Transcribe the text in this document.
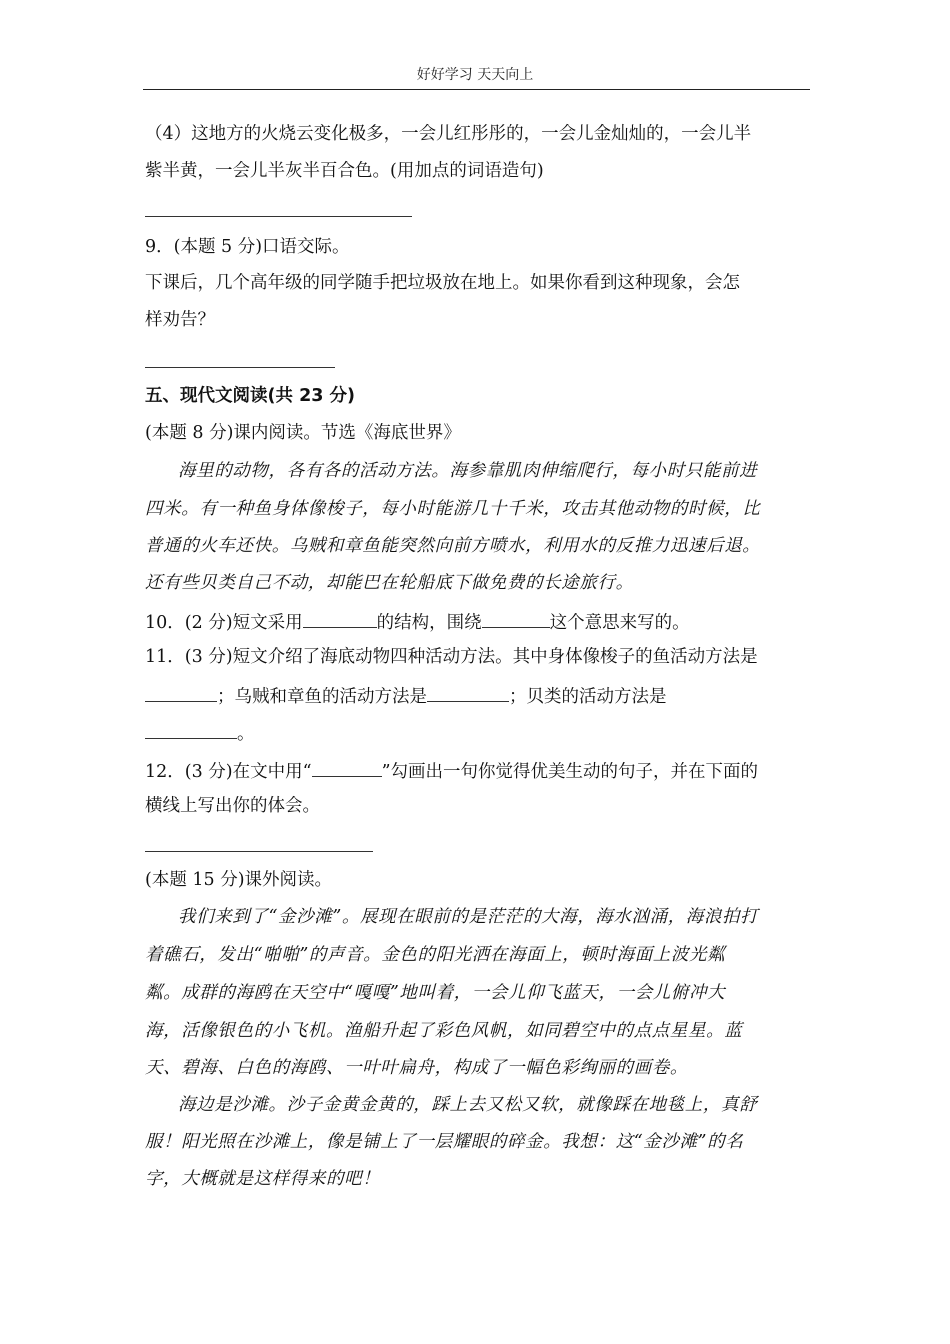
好好学习 天天向上
（4）这地方的火烧云变化极多，一会儿红彤彤的，一会儿金灿灿的，一会儿半
紫半黄，一会儿半灰半百合色。(用加点的词语造句)
9．(本题 5 分)口语交际。
下课后，几个高年级的同学随手把垃圾放在地上。如果你看到这种现象，会怎
样劝告？
五、现代文阅读(共 23 分)
(本题 8 分)课内阅读。节选《海底世界》
海里的动物，各有各的活动方法。海参靠肌肉伸缩爬行，每小时只能前进
四米。有一种鱼身体像梭子，每小时能游几十千米，攻击其他动物的时候，比
普通的火车还快。乌贼和章鱼能突然向前方喷水，利用水的反推力迅速后退。
还有些贝类自己不动，却能巴在轮船底下做免费的长途旅行。
10．(2 分)短文采用	的结构，围绕	这个意思来写的。
11．(3 分)短文介绍了海底动物四种活动方法。其中身体像梭子的鱼活动方法是
；乌贼和章鱼的活动方法是	；贝类的活动方法是
。
12．(3 分)在文中用“	”勾画出一句你觉得优美生动的句子，并在下面的
横线上写出你的体会。
(本题 15 分)课外阅读。
我们来到了“金沙滩”。展现在眼前的是茫茫的大海，海水汹涌，海浪拍打
着礁石，发出“啪啪”的声音。金色的阳光洒在海面上，顿时海面上波光粼
粼。成群的海鸥在天空中“嘎嘎”地叫着，一会儿仰飞蓝天，一会儿俯冲大
海，活像银色的小飞机。渔船升起了彩色风帆，如同碧空中的点点星星。蓝
天、碧海、白色的海鸥、一叶叶扁舟，构成了一幅色彩绚丽的画卷。
海边是沙滩。沙子金黄金黄的，踩上去又松又软，就像踩在地毯上，真舒
服！阳光照在沙滩上，像是铺上了一层耀眼的碎金。我想：这“金沙滩”的名
字，大概就是这样得来的吧！
